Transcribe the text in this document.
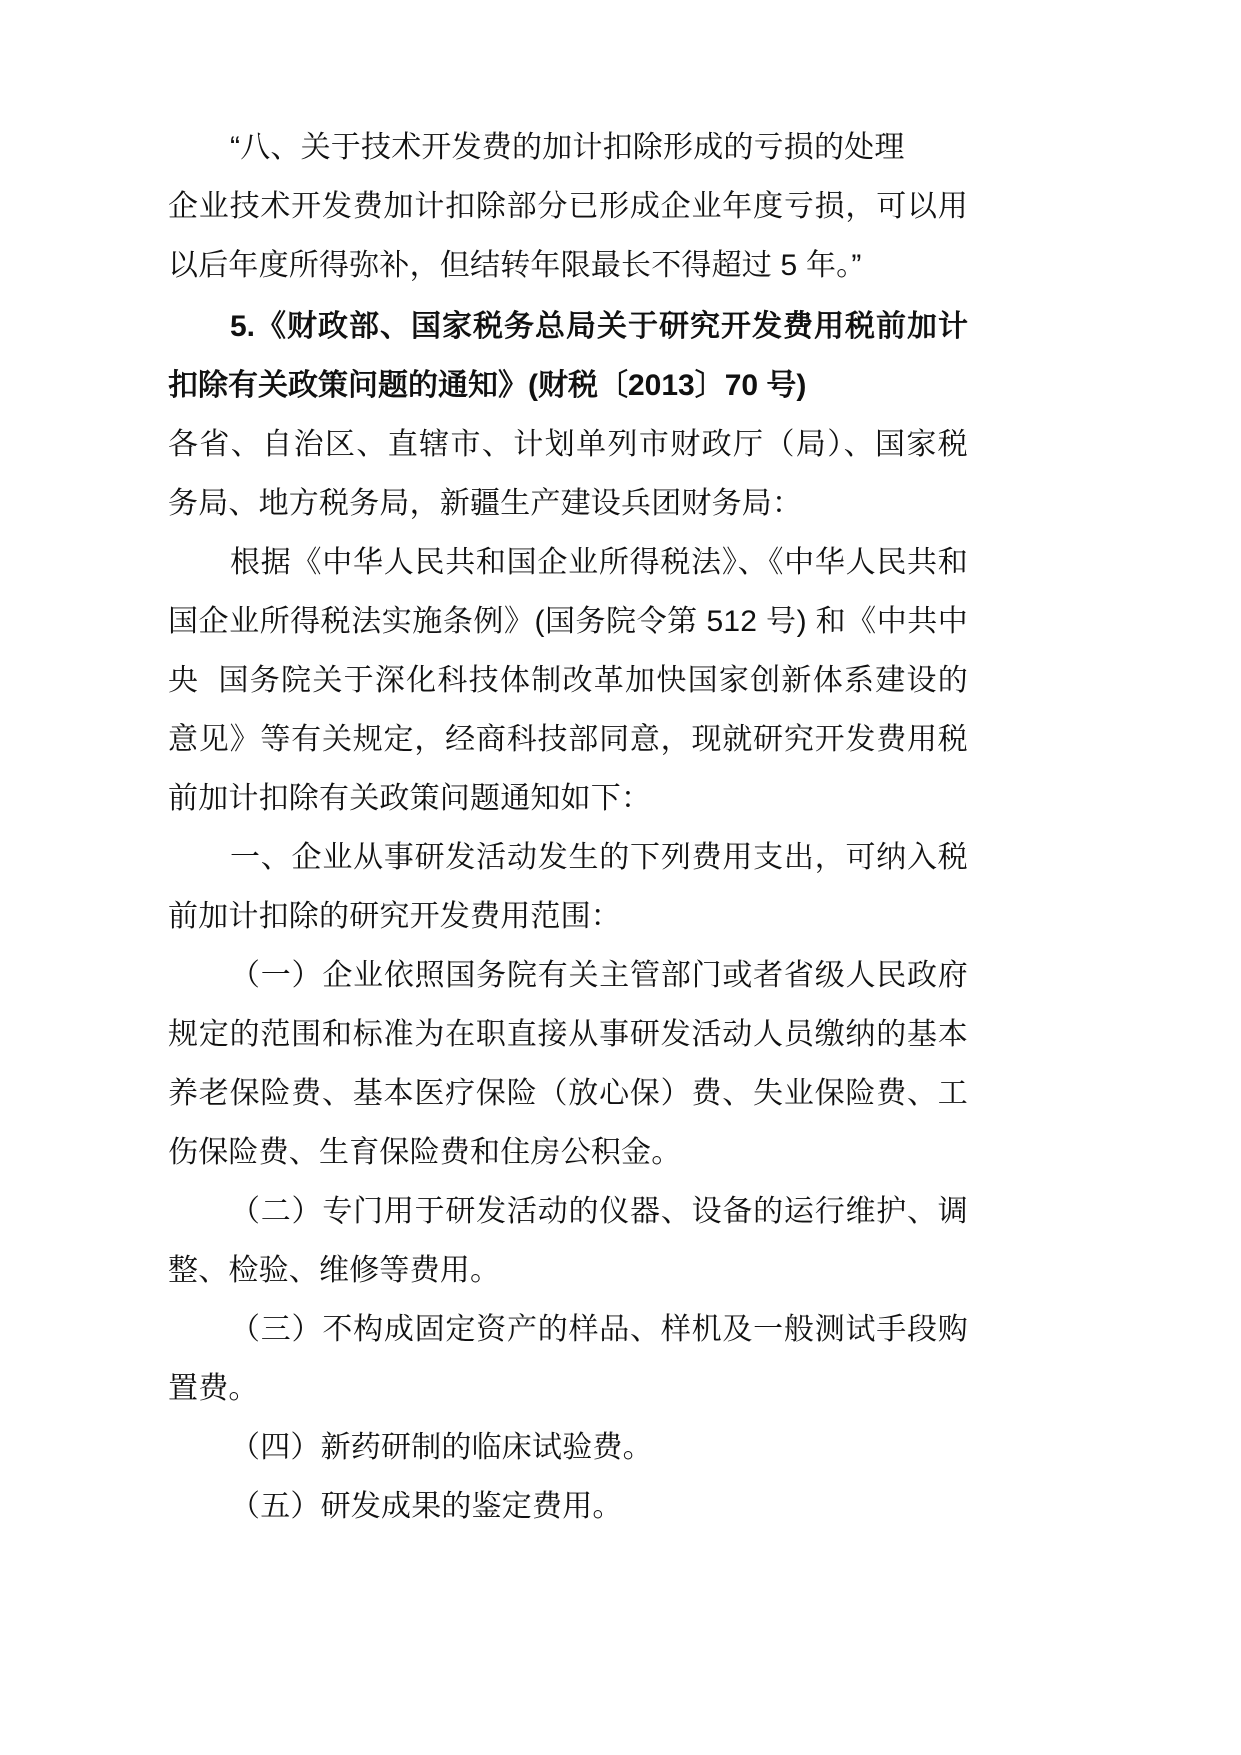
“八、关于技术开发费的加计扣除形成的亏损的处理

企业技术开发费加计扣除部分已形成企业年度亏损，可以用以后年度所得弥补，但结转年限最长不得超过 5 年。”

5.《财政部、国家税务总局关于研究开发费用税前加计扣除有关政策问题的通知》(财税〔2013〕70 号)

各省、自治区、直辖市、计划单列市财政厅（局）、国家税务局、地方税务局，新疆生产建设兵团财务局：

根据《中华人民共和国企业所得税法》、《中华人民共和国企业所得税法实施条例》(国务院令第 512 号) 和《中共中央  国务院关于深化科技体制改革加快国家创新体系建设的意见》等有关规定，经商科技部同意，现就研究开发费用税前加计扣除有关政策问题通知如下：

一、企业从事研发活动发生的下列费用支出，可纳入税前加计扣除的研究开发费用范围：

（一）企业依照国务院有关主管部门或者省级人民政府规定的范围和标准为在职直接从事研发活动人员缴纳的基本养老保险费、基本医疗保险（放心保）费、失业保险费、工伤保险费、生育保险费和住房公积金。

（二）专门用于研发活动的仪器、设备的运行维护、调整、检验、维修等费用。

（三）不构成固定资产的样品、样机及一般测试手段购置费。

（四）新药研制的临床试验费。

（五）研发成果的鉴定费用。
